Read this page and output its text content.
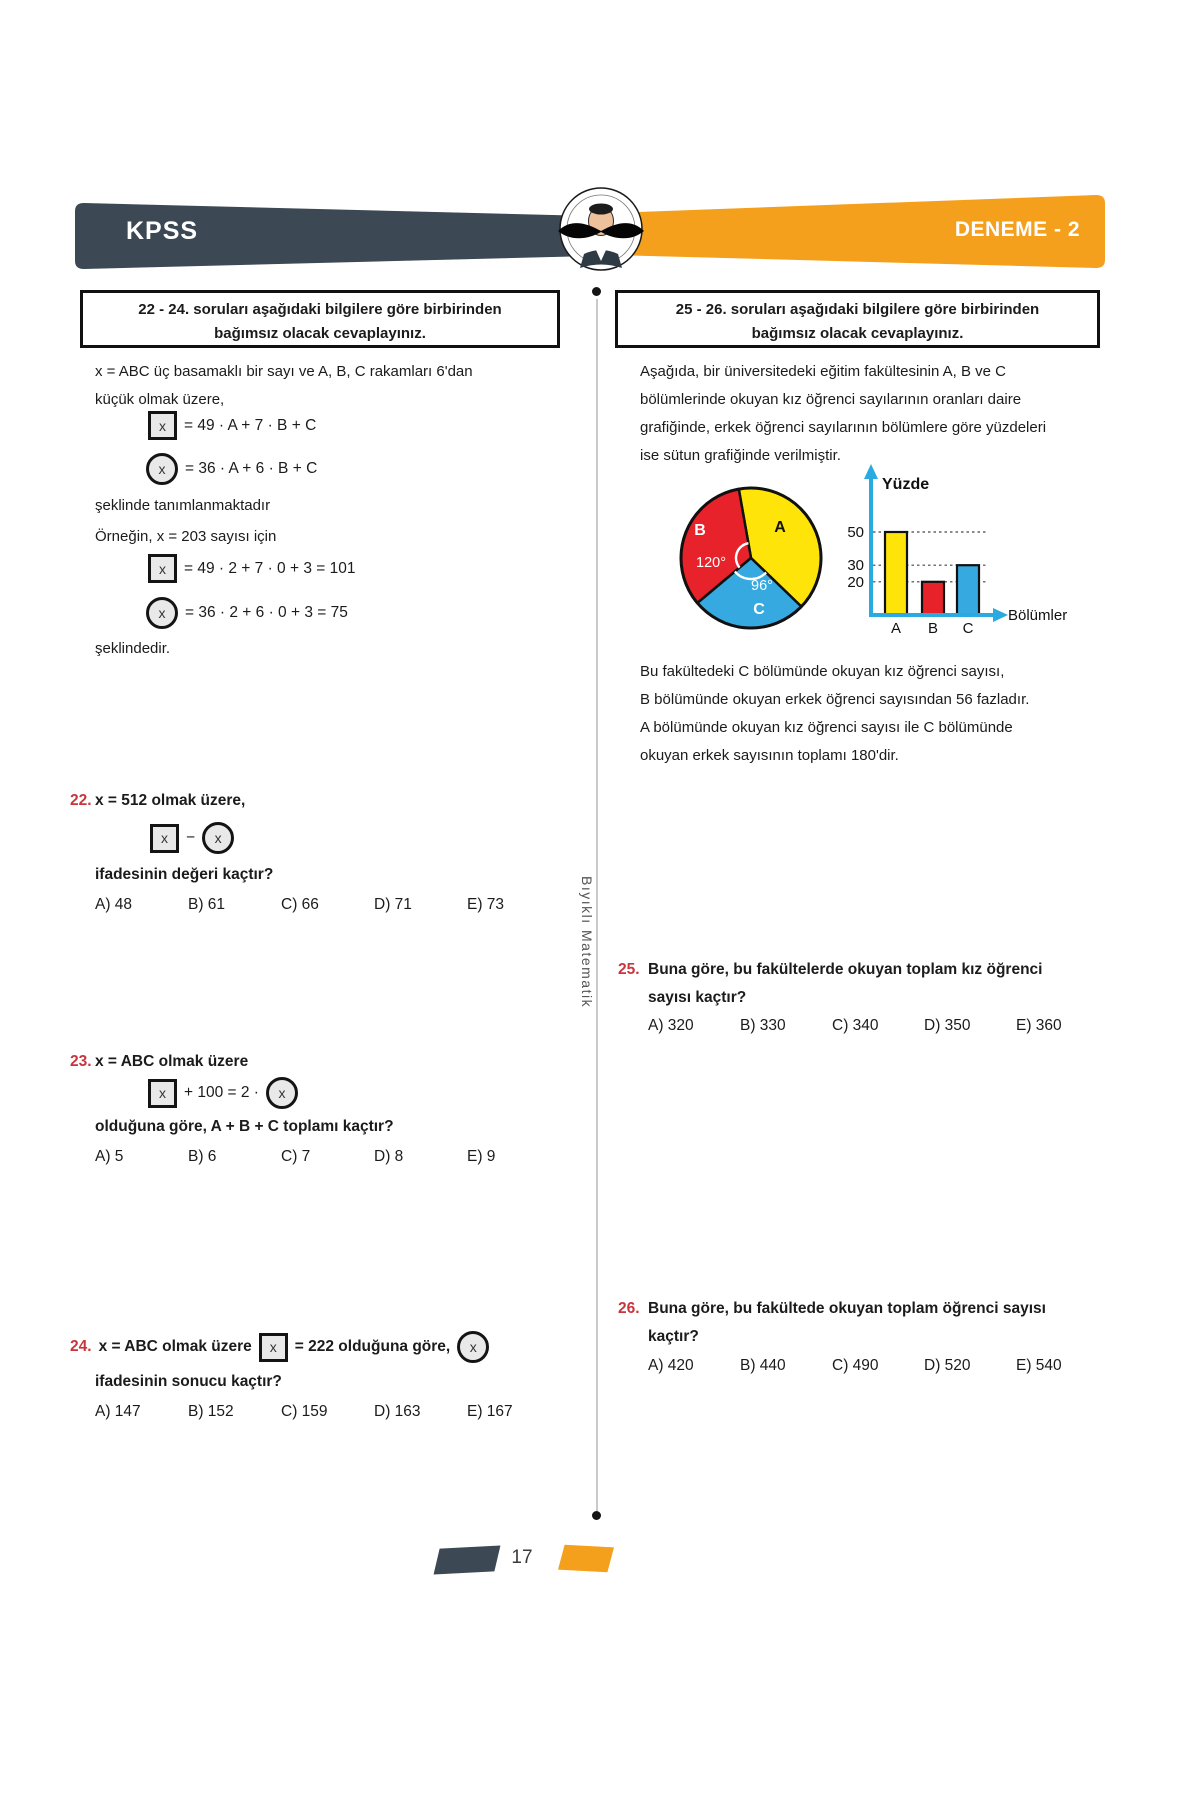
KPSS	DENEME - 2
22 - 24. soruları aşağıdaki bilgilere göre birbirinden
bağımsız olacak cevaplayınız.
25 - 26. soruları aşağıdaki bilgilere göre birbirinden
bağımsız olacak cevaplayınız.
Bıyıklı Matematik
x = ABC üç basamaklı bir sayı ve A, B, C rakamları 6'dan
küçük olmak üzere,
x = 49 · A + 7 · B + C
x = 36 · A + 6 · B + C
şeklinde tanımlanmaktadır
Örneğin, x = 203 sayısı için
x = 49 · 2 + 7 · 0 + 3 = 101
x = 36 · 2 + 6 · 0 + 3 = 75
şeklindedir.
22. x = 512 olmak üzere,
x − x
ifadesinin değeri kaçtır?
A) 48	B) 61	C) 66	D) 71	E) 73
23. x = ABC olmak üzere
x + 100 = 2 · x
olduğuna göre, A + B + C toplamı kaçtır?
A) 5	B) 6	C) 7	D) 8	E) 9
24. x = ABC olmak üzere x = 222 olduğuna göre, x
ifadesinin sonucu kaçtır?
A) 147	B) 152	C) 159	D) 163	E) 167
Aşağıda, bir üniversitedeki eğitim fakültesinin A, B ve C
bölümlerinde okuyan kız öğrenci sayılarının oranları daire
grafiğinde, erkek öğrenci sayılarının bölümlere göre yüzdeleri
ise sütun grafiğinde verilmiştir.
A
B
120°
C
96°
50
30
20
A B C
Yüzde
Bölümler
Bu fakültedeki C bölümünde okuyan kız öğrenci sayısı,
B bölümünde okuyan erkek öğrenci sayısından 56 fazladır.
A bölümünde okuyan kız öğrenci sayısı ile C bölümünde
okuyan erkek sayısının toplamı 180'dir.
25. Buna göre, bu fakültelerde okuyan toplam kız öğrenci
sayısı kaçtır?
A) 320	B) 330	C) 340	D) 350	E) 360
26. Buna göre, bu fakültede okuyan toplam öğrenci sayısı
kaçtır?
A) 420	B) 440	C) 490	D) 520	E) 540
17
